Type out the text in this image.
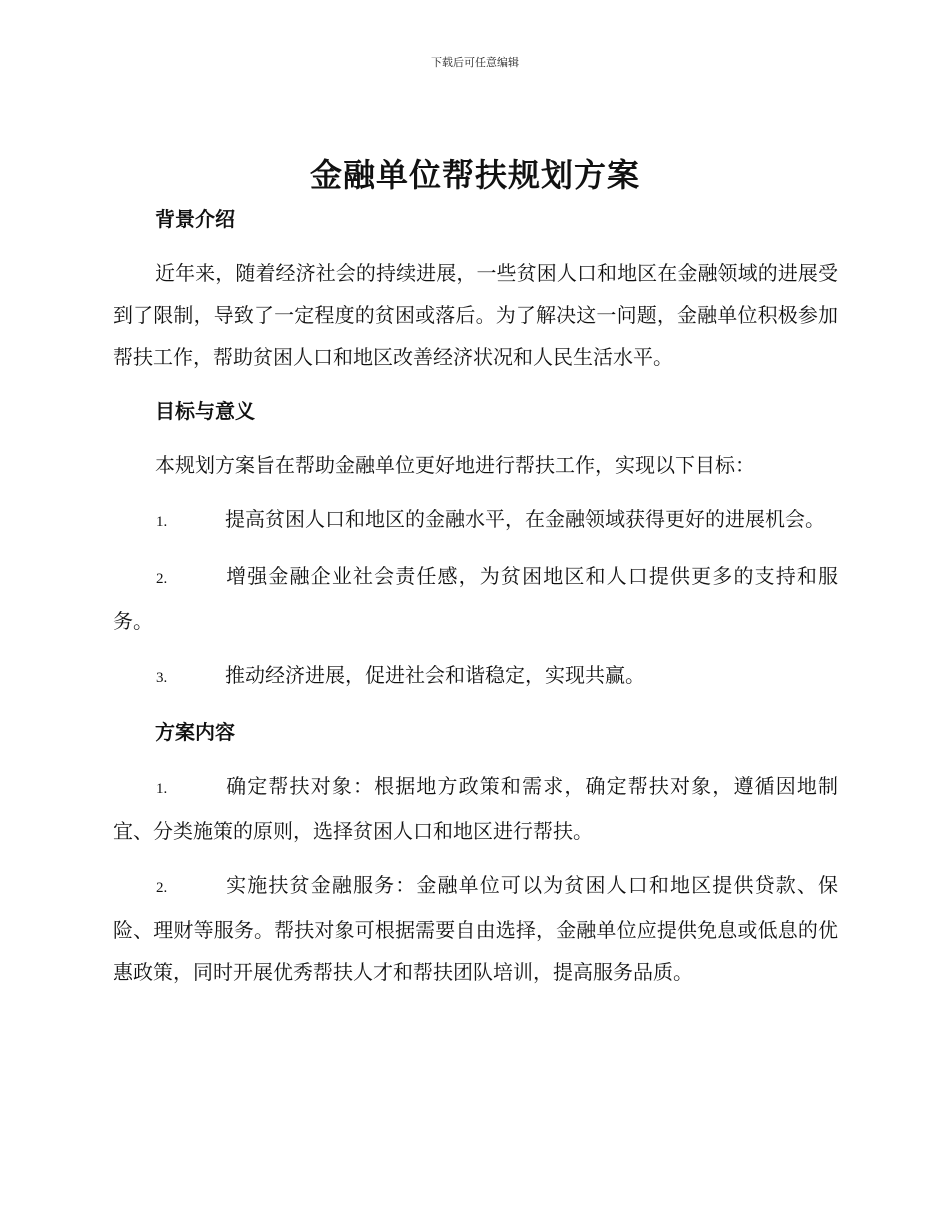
下载后可任意编辑
金融单位帮扶规划方案
背景介绍

近年来，随着经济社会的持续进展，一些贫困人口和地区在金融领域的进展受到了限制，导致了一定程度的贫困或落后。为了解决这一问题，金融单位积极参加帮扶工作，帮助贫困人口和地区改善经济状况和人民生活水平。

目标与意义

本规划方案旨在帮助金融单位更好地进行帮扶工作，实现以下目标：

1.	提高贫困人口和地区的金融水平，在金融领域获得更好的进展机会。

2.	增强金融企业社会责任感，为贫困地区和人口提供更多的支持和服务。

3.	推动经济进展，促进社会和谐稳定，实现共赢。

方案内容

1.	确定帮扶对象：根据地方政策和需求，确定帮扶对象，遵循因地制宜、分类施策的原则，选择贫困人口和地区进行帮扶。

2.	实施扶贫金融服务：金融单位可以为贫困人口和地区提供贷款、保险、理财等服务。帮扶对象可根据需要自由选择，金融单位应提供免息或低息的优惠政策，同时开展优秀帮扶人才和帮扶团队培训，提高服务品质。
